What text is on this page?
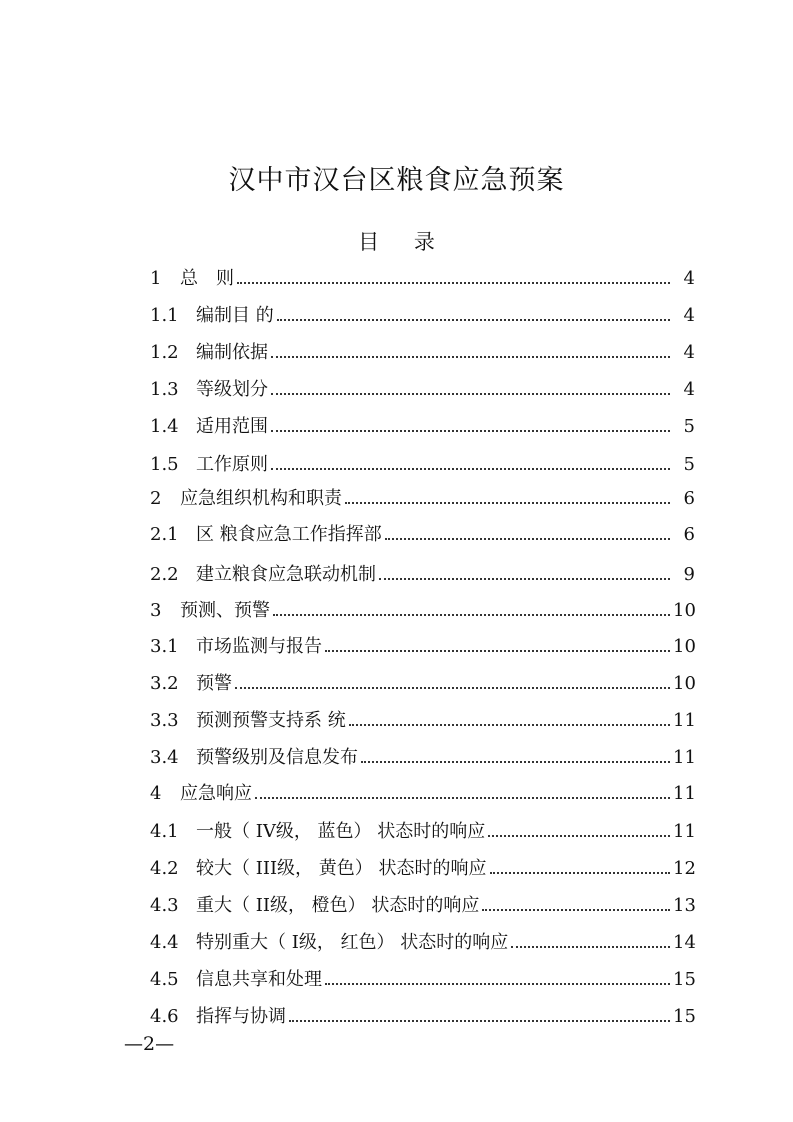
汉中市汉台区粮食应急预案
目 录
1	总　则	4
1.1 编制目 的	4
1.2 编制依据	4
1.3 等级划分	4
1.4 适用范围	5
1.5 工作原则	5
2	应急组织机构和职责	6
2.1 区 粮食应急工作指挥部	6
2.2 建立粮食应急联动机制	9
3	预测、预警	10
3.1 市场监测与报告	10
3.2 预警	10
3.3 预测预警支持系 统	11
3.4 预警级别及信息发布	11
4	应急响应	11
4.1 一般（ IV级， 蓝色） 状态时的响应	11
4.2 较大（ III级， 黄色） 状态时的响应	12
4.3 重大（ II级， 橙色） 状态时的响应	13
4.4 特别重大（ I级， 红色） 状态时的响应	14
4.5 信息共享和处理	15
4.6 指挥与协调	15
—2—
